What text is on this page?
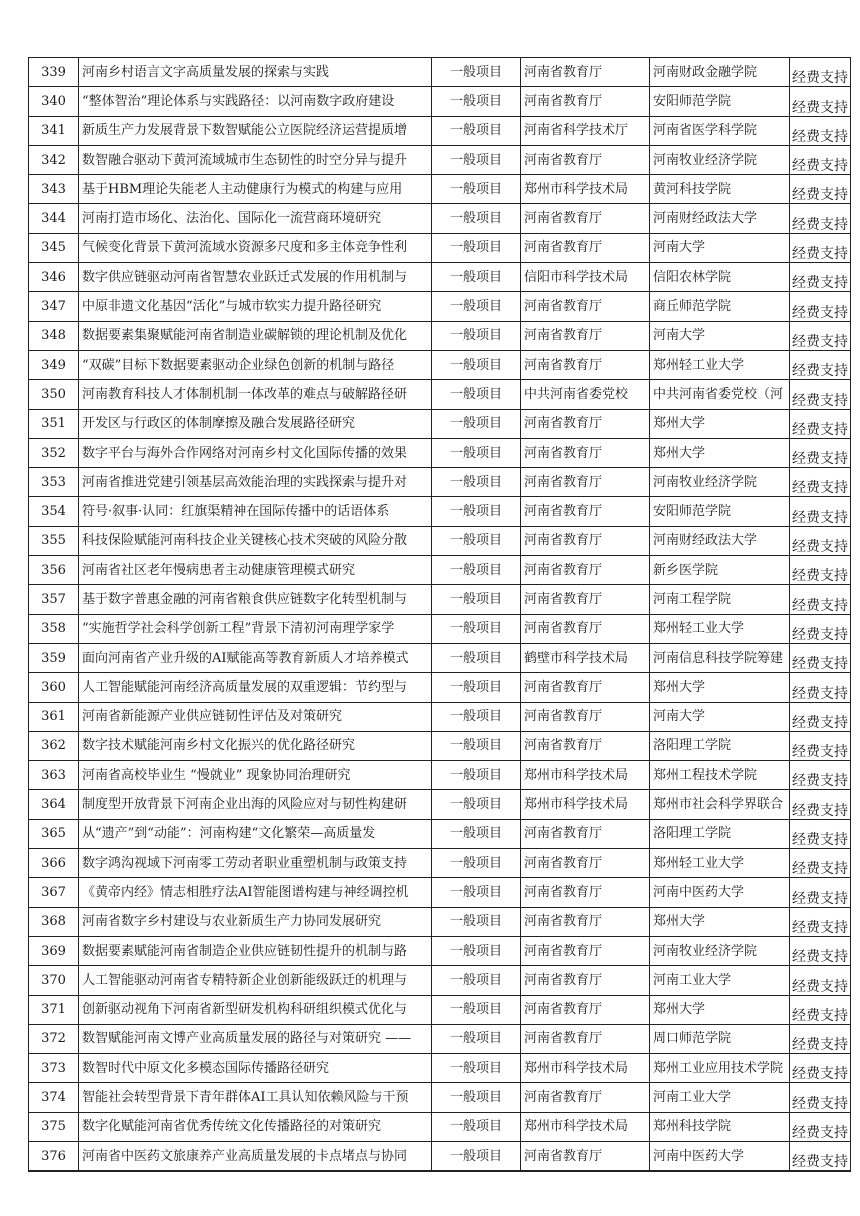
339	河南乡村语言文字高质量发展的探索与实践	一般项目	河南省教育厅	河南财政金融学院	经费支持
340	“整体智治”理论体系与实践路径：以河南数字政府建设	一般项目	河南省教育厅	安阳师范学院	经费支持
341	新质生产力发展背景下数智赋能公立医院经济运营提质增	一般项目	河南省科学技术厅	河南省医学科学院	经费支持
342	数智融合驱动下黄河流域城市生态韧性的时空分异与提升	一般项目	河南省教育厅	河南牧业经济学院	经费支持
343	基于HBM理论失能老人主动健康行为模式的构建与应用	一般项目	郑州市科学技术局	黄河科技学院	经费支持
344	河南打造市场化、法治化、国际化一流营商环境研究	一般项目	河南省教育厅	河南财经政法大学	经费支持
345	气候变化背景下黄河流域水资源多尺度和多主体竞争性利	一般项目	河南省教育厅	河南大学	经费支持
346	数字供应链驱动河南省智慧农业跃迁式发展的作用机制与	一般项目	信阳市科学技术局	信阳农林学院	经费支持
347	中原非遗文化基因“活化”与城市软实力提升路径研究	一般项目	河南省教育厅	商丘师范学院	经费支持
348	数据要素集聚赋能河南省制造业碳解锁的理论机制及优化	一般项目	河南省教育厅	河南大学	经费支持
349	“双碳”目标下数据要素驱动企业绿色创新的机制与路径	一般项目	河南省教育厅	郑州轻工业大学	经费支持
350	河南教育科技人才体制机制一体改革的难点与破解路径研	一般项目	中共河南省委党校	中共河南省委党校（河	经费支持
351	开发区与行政区的体制摩擦及融合发展路径研究	一般项目	河南省教育厅	郑州大学	经费支持
352	数字平台与海外合作网络对河南乡村文化国际传播的效果	一般项目	河南省教育厅	郑州大学	经费支持
353	河南省推进党建引领基层高效能治理的实践探索与提升对	一般项目	河南省教育厅	河南牧业经济学院	经费支持
354	符号·叙事·认同：红旗渠精神在国际传播中的话语体系	一般项目	河南省教育厅	安阳师范学院	经费支持
355	科技保险赋能河南科技企业关键核心技术突破的风险分散	一般项目	河南省教育厅	河南财经政法大学	经费支持
356	河南省社区老年慢病患者主动健康管理模式研究	一般项目	河南省教育厅	新乡医学院	经费支持
357	基于数字普惠金融的河南省粮食供应链数字化转型机制与	一般项目	河南省教育厅	河南工程学院	经费支持
358	“实施哲学社会科学创新工程”背景下清初河南理学家学	一般项目	河南省教育厅	郑州轻工业大学	经费支持
359	面向河南省产业升级的AI赋能高等教育新质人才培养模式	一般项目	鹤壁市科学技术局	河南信息科技学院筹建	经费支持
360	人工智能赋能河南经济高质量发展的双重逻辑：节约型与	一般项目	河南省教育厅	郑州大学	经费支持
361	河南省新能源产业供应链韧性评估及对策研究	一般项目	河南省教育厅	河南大学	经费支持
362	数字技术赋能河南乡村文化振兴的优化路径研究	一般项目	河南省教育厅	洛阳理工学院	经费支持
363	河南省高校毕业生 “慢就业” 现象协同治理研究	一般项目	郑州市科学技术局	郑州工程技术学院	经费支持
364	制度型开放背景下河南企业出海的风险应对与韧性构建研	一般项目	郑州市科学技术局	郑州市社会科学界联合	经费支持
365	从“遗产”到“动能”：河南构建“文化繁荣—高质量发	一般项目	河南省教育厅	洛阳理工学院	经费支持
366	数字鸿沟视域下河南零工劳动者职业重塑机制与政策支持	一般项目	河南省教育厅	郑州轻工业大学	经费支持
367	《黄帝内经》情志相胜疗法AI智能图谱构建与神经调控机	一般项目	河南省教育厅	河南中医药大学	经费支持
368	河南省数字乡村建设与农业新质生产力协同发展研究	一般项目	河南省教育厅	郑州大学	经费支持
369	数据要素赋能河南省制造企业供应链韧性提升的机制与路	一般项目	河南省教育厅	河南牧业经济学院	经费支持
370	人工智能驱动河南省专精特新企业创新能级跃迁的机理与	一般项目	河南省教育厅	河南工业大学	经费支持
371	创新驱动视角下河南省新型研发机构科研组织模式优化与	一般项目	河南省教育厅	郑州大学	经费支持
372	数智赋能河南文博产业高质量发展的路径与对策研究 ——	一般项目	河南省教育厅	周口师范学院	经费支持
373	数智时代中原文化多模态国际传播路径研究	一般项目	郑州市科学技术局	郑州工业应用技术学院	经费支持
374	智能社会转型背景下青年群体AI工具认知依赖风险与干预	一般项目	河南省教育厅	河南工业大学	经费支持
375	数字化赋能河南省优秀传统文化传播路径的对策研究	一般项目	郑州市科学技术局	郑州科技学院	经费支持
376	河南省中医药文旅康养产业高质量发展的卡点堵点与协同	一般项目	河南省教育厅	河南中医药大学	经费支持
